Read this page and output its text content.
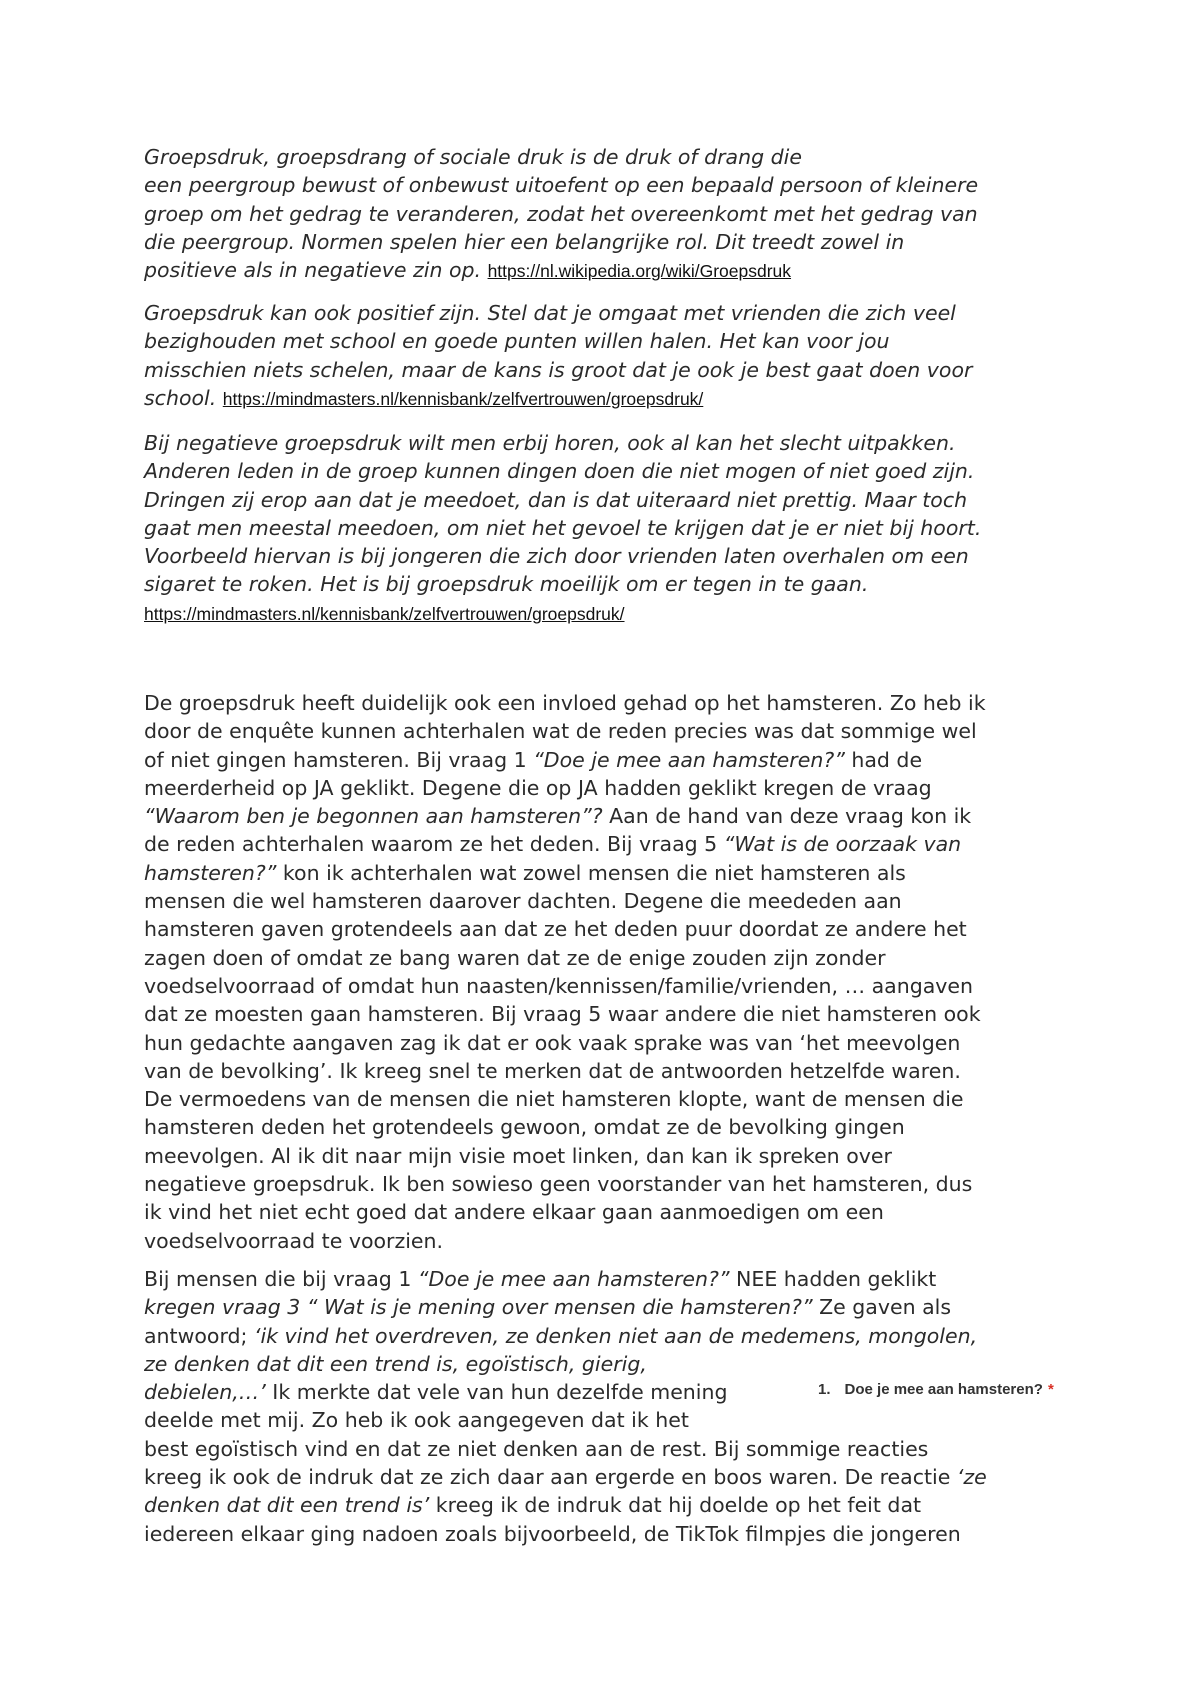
Groepsdruk, groepsdrang of sociale druk is de druk of drang die
een peergroup bewust of onbewust uitoefent op een bepaald persoon of kleinere
groep om het gedrag te veranderen, zodat het overeenkomt met het gedrag van
die peergroup. Normen spelen hier een belangrijke rol. Dit treedt zowel in
positieve als in negatieve zin op. https://nl.wikipedia.org/wiki/Groepsdruk
Groepsdruk kan ook positief zijn. Stel dat je omgaat met vrienden die zich veel
bezighouden met school en goede punten willen halen. Het kan voor jou
misschien niets schelen, maar de kans is groot dat je ook je best gaat doen voor
school. https://mindmasters.nl/kennisbank/zelfvertrouwen/groepsdruk/
Bij negatieve groepsdruk wilt men erbij horen, ook al kan het slecht uitpakken.
Anderen leden in de groep kunnen dingen doen die niet mogen of niet goed zijn.
Dringen zij erop aan dat je meedoet, dan is dat uiteraard niet prettig. Maar toch
gaat men meestal meedoen, om niet het gevoel te krijgen dat je er niet bij hoort.
Voorbeeld hiervan is bij jongeren die zich door vrienden laten overhalen om een
sigaret te roken. Het is bij groepsdruk moeilijk om er tegen in te gaan.
https://mindmasters.nl/kennisbank/zelfvertrouwen/groepsdruk/
De groepsdruk heeft duidelijk ook een invloed gehad op het hamsteren. Zo heb ik
door de enquête kunnen achterhalen wat de reden precies was dat sommige wel
of niet gingen hamsteren. Bij vraag 1 “Doe je mee aan hamsteren?” had de
meerderheid op JA geklikt. Degene die op JA hadden geklikt kregen de vraag
“Waarom ben je begonnen aan hamsteren”? Aan de hand van deze vraag kon ik
de reden achterhalen waarom ze het deden. Bij vraag 5 “Wat is de oorzaak van
hamsteren?” kon ik achterhalen wat zowel mensen die niet hamsteren als
mensen die wel hamsteren daarover dachten. Degene die meededen aan
hamsteren gaven grotendeels aan dat ze het deden puur doordat ze andere het
zagen doen of omdat ze bang waren dat ze de enige zouden zijn zonder
voedselvoorraad of omdat hun naasten/kennissen/familie/vrienden, … aangaven
dat ze moesten gaan hamsteren. Bij vraag 5 waar andere die niet hamsteren ook
hun gedachte aangaven zag ik dat er ook vaak sprake was van ‘het meevolgen
van de bevolking’. Ik kreeg snel te merken dat de antwoorden hetzelfde waren.
De vermoedens van de mensen die niet hamsteren klopte, want de mensen die
hamsteren deden het grotendeels gewoon, omdat ze de bevolking gingen
meevolgen. Al ik dit naar mijn visie moet linken, dan kan ik spreken over
negatieve groepsdruk. Ik ben sowieso geen voorstander van het hamsteren, dus
ik vind het niet echt goed dat andere elkaar gaan aanmoedigen om een
voedselvoorraad te voorzien.
Bij mensen die bij vraag 1 “Doe je mee aan hamsteren?” NEE hadden geklikt
kregen vraag 3 “ Wat is je mening over mensen die hamsteren?” Ze gaven als
antwoord; ‘ik vind het overdreven, ze denken niet aan de medemens, mongolen,
ze denken dat dit een trend is, egoïstisch, gierig,
debielen,…’ Ik merkte dat vele van hun dezelfde mening
deelde met mij. Zo heb ik ook aangegeven dat ik het
best egoïstisch vind en dat ze niet denken aan de rest. Bij sommige reacties
kreeg ik ook de indruk dat ze zich daar aan ergerde en boos waren. De reactie ‘ze
denken dat dit een trend is’ kreeg ik de indruk dat hij doelde op het feit dat
iedereen elkaar ging nadoen zoals bijvoorbeeld, de TikTok filmpjes die jongeren
1. Doe je mee aan hamsteren? *
